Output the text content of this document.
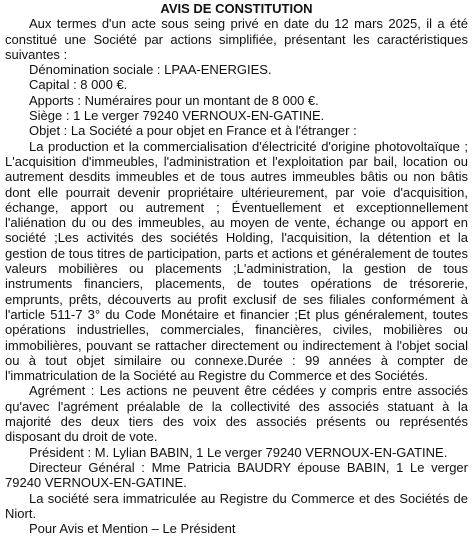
AVIS DE CONSTITUTION

Aux termes d'un acte sous seing privé en date du 12 mars 2025, il a été constitué une Société par actions simplifiée, présentant les caractéristiques suivantes :

Dénomination sociale : LPAA-ENERGIES.

Capital : 8 000 €.

Apports : Numéraires pour un montant de 8 000 €.

Siège : 1 Le verger 79240 VERNOUX-EN-GATINE.

Objet : La Société a pour objet en France et à l'étranger :

La production et la commercialisation d'électricité d'origine photovoltaïque ; L'acquisition d'immeubles, l'administration et l'exploitation par bail, location ou autrement desdits immeubles et de tous autres immeubles bâtis ou non bâtis dont elle pourrait devenir propriétaire ultérieurement, par voie d'acquisition, échange, apport ou autrement ; Éventuellement et exceptionnellement l'aliénation du ou des immeubles, au moyen de vente, échange ou apport en société ;Les activités des sociétés Holding, l'acquisition, la détention et la gestion de tous titres de participation, parts et actions et généralement de toutes valeurs mobilières ou placements ;L'administration, la gestion de tous instruments financiers, placements, de toutes opérations de trésorerie, emprunts, prêts, découverts au profit exclusif de ses filiales conformément à l'article 511-7 3° du Code Monétaire et financier ;Et plus généralement, toutes opérations industrielles, commerciales, financières, civiles, mobilières ou immobilières, pouvant se rattacher directement ou indirectement à l'objet social ou à tout objet similaire ou connexe.Durée : 99 années à compter de l'immatriculation de la Société au Registre du Commerce et des Sociétés.

Agrément : Les actions ne peuvent être cédées y compris entre associés qu'avec l'agrément préalable de la collectivité des associés statuant à la majorité des deux tiers des voix des associés présents ou représentés disposant du droit de vote.

Président : M. Lylian BABIN, 1 Le verger 79240 VERNOUX-EN-GATINE.

Directeur Général : Mme Patricia BAUDRY épouse BABIN, 1 Le verger 79240 VERNOUX-EN-GATINE.

La société sera immatriculée au Registre du Commerce et des Sociétés de Niort.

Pour Avis et Mention – Le Président
